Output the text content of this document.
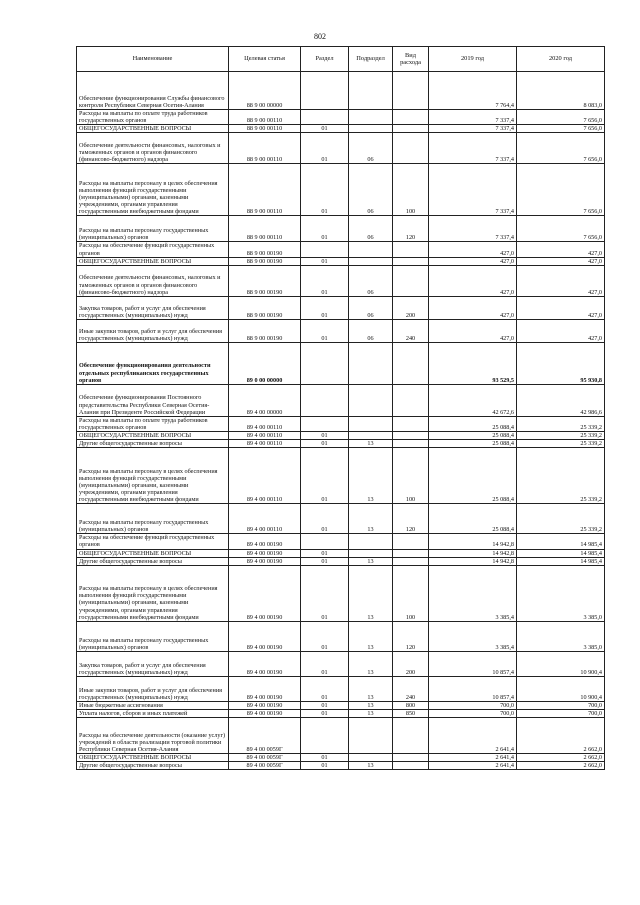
802
Наименование	Целевая статья	Раздел	Подраздел	Вид расхода	2019 год	2020 год
Обеспечение функционирования Службы финансового контроля Республики Северная Осетия-Алания	88 9 00 00000				7 764,4	8 083,0
Расходы на выплаты по оплате труда работников государственных органов	88 9 00 00110				7 337,4	7 656,0
ОБЩЕГОСУДАРСТВЕННЫЕ ВОПРОСЫ	88 9 00 00110	01			7 337,4	7 656,0
Обеспечение деятельности финансовых, налоговых и таможенных органов и органов финансового (финансово-бюджетного) надзора	88 9 00 00110	01	06		7 337,4	7 656,0
Расходы на выплаты персоналу в целях обеспечения выполнения функций государственными (муниципальными) органами, казенными учреждениями, органами управления государственными внебюджетными фондами	88 9 00 00110	01	06	100	7 337,4	7 656,0
Расходы на выплаты персоналу государственных (муниципальных) органов	88 9 00 00110	01	06	120	7 337,4	7 656,0
Расходы на обеспечение функций государственных органов	88 9 00 00190				427,0	427,0
ОБЩЕГОСУДАРСТВЕННЫЕ ВОПРОСЫ	88 9 00 00190	01			427,0	427,0
Обеспечение деятельности финансовых, налоговых и таможенных органов и органов финансового (финансово-бюджетного) надзора	88 9 00 00190	01	06		427,0	427,0
Закупка товаров, работ и услуг для обеспечения государственных (муниципальных) нужд	88 9 00 00190	01	06	200	427,0	427,0
Иные закупки товаров, работ и услуг для обеспечения государственных (муниципальных) нужд	88 9 00 00190	01	06	240	427,0	427,0
Обеспечение функционирования деятельности отдельных республиканских государственных органов	89 0 00 00000				93 529,5	95 930,8
Обеспечение функционирования Постоянного представительства Республики Северная Осетия-Алания при Президенте Российской Федерации	89 4 00 00000				42 672,6	42 986,6
Расходы на выплаты по оплате труда работников государственных органов	89 4 00 00110				25 088,4	25 339,2
ОБЩЕГОСУДАРСТВЕННЫЕ ВОПРОСЫ	89 4 00 00110	01			25 088,4	25 339,2
Другие общегосударственные вопросы	89 4 00 00110	01	13		25 088,4	25 339,2
Расходы на выплаты персоналу в целях обеспечения выполнения функций государственными (муниципальными) органами, казенными учреждениями, органами управления государственными внебюджетными фондами	89 4 00 00110	01	13	100	25 088,4	25 339,2
Расходы на выплаты персоналу государственных (муниципальных) органов	89 4 00 00110	01	13	120	25 088,4	25 339,2
Расходы на обеспечение функций государственных органов	89 4 00 00190				14 942,8	14 985,4
ОБЩЕГОСУДАРСТВЕННЫЕ ВОПРОСЫ	89 4 00 00190	01			14 942,8	14 985,4
Другие общегосударственные вопросы	89 4 00 00190	01	13		14 942,8	14 985,4
Расходы на выплаты персоналу в целях обеспечения выполнения функций государственными (муниципальными) органами, казенными учреждениями, органами управления государственными внебюджетными фондами	89 4 00 00190	01	13	100	3 385,4	3 385,0
Расходы на выплаты персоналу государственных (муниципальных) органов	89 4 00 00190	01	13	120	3 385,4	3 385,0
Закупка товаров, работ и услуг для обеспечения государственных (муниципальных) нужд	89 4 00 00190	01	13	200	10 857,4	10 900,4
Иные закупки товаров, работ и услуг для обеспечения государственных (муниципальных) нужд	89 4 00 00190	01	13	240	10 857,4	10 900,4
Иные бюджетные ассигнования	89 4 00 00190	01	13	800	700,0	700,0
Уплата налогов, сборов и иных платежей	89 4 00 00190	01	13	850	700,0	700,0
Расходы на обеспечение деятельности (оказание услуг) учреждений в области реализации торговой политики Республики Северная Осетия-Алания	89 4 00 0059Г				2 641,4	2 662,0
ОБЩЕГОСУДАРСТВЕННЫЕ ВОПРОСЫ	89 4 00 0059Г	01			2 641,4	2 662,0
Другие общегосударственные вопросы	89 4 00 0059Г	01	13		2 641,4	2 662,0
